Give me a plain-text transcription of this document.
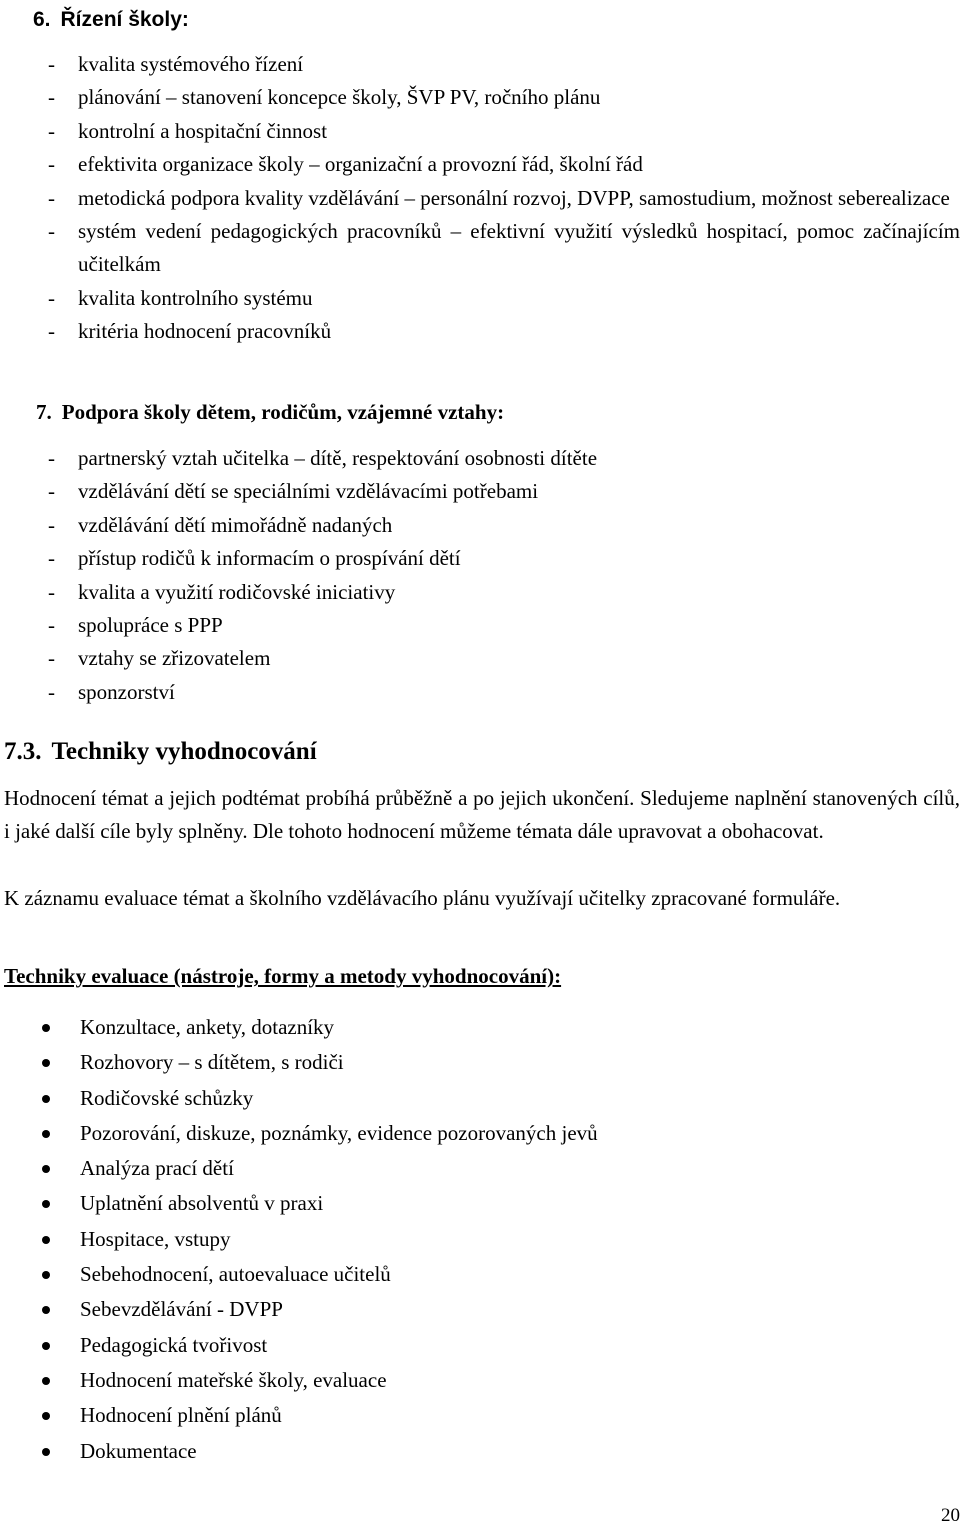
6. Řízení školy:
- kvalita systémového řízení
- plánování – stanovení koncepce školy, ŠVP PV, ročního plánu
- kontrolní a hospitační činnost
- efektivita organizace školy – organizační a provozní řád, školní řád
- metodická podpora kvality vzdělávání – personální rozvoj, DVPP, samostudium, možnost seberealizace
- systém vedení pedagogických pracovníků – efektivní využití výsledků hospitací, pomoc začínajícím učitelkám
- kvalita kontrolního systému
- kritéria hodnocení pracovníků
7. Podpora školy dětem, rodičům, vzájemné vztahy:
- partnerský vztah učitelka – dítě, respektování osobnosti dítěte
- vzdělávání dětí se speciálními vzdělávacími potřebami
- vzdělávání dětí mimořádně nadaných
- přístup rodičů k informacím o prospívání dětí
- kvalita a využití rodičovské iniciativy
- spolupráce s PPP
- vztahy se zřizovatelem
- sponzorství
7.3. Techniky vyhodnocování

Hodnocení témat a jejich podtémat probíhá průběžně a po jejich ukončení. Sledujeme naplnění stanovených cílů, i jaké další cíle byly splněny. Dle tohoto hodnocení můžeme témata dále upravovat a obohacovat.

K záznamu evaluace témat a školního vzdělávacího plánu využívají učitelky zpracované formuláře.

Techniky evaluace (nástroje, formy a metody vyhodnocování):
Konzultace, ankety, dotazníky
Rozhovory – s dítětem, s rodiči
Rodičovské schůzky
Pozorování, diskuze, poznámky, evidence pozorovaných jevů
Analýza prací dětí
Uplatnění absolventů v praxi
Hospitace, vstupy
Sebehodnocení, autoevaluace učitelů
Sebevzdělávání - DVPP
Pedagogická tvořivost
Hodnocení mateřské školy, evaluace
Hodnocení plnění plánů
Dokumentace
20
